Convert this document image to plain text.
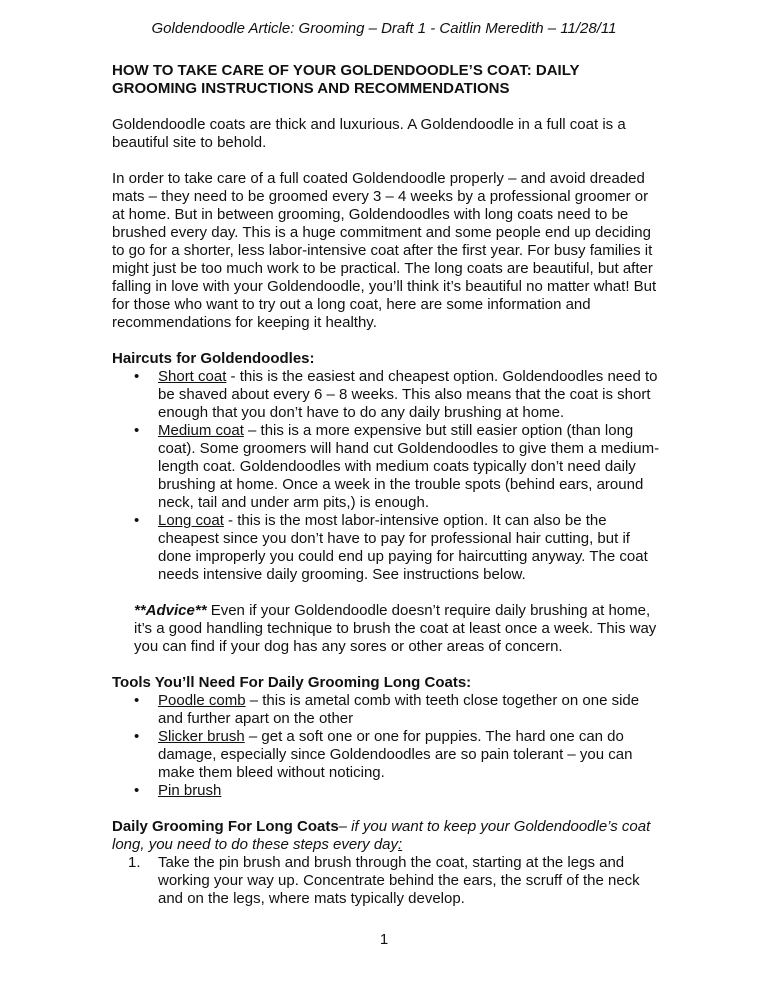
Goldendoodle Article: Grooming – Draft 1 - Caitlin Meredith – 11/28/11

HOW TO TAKE CARE OF YOUR GOLDENDOODLE’S COAT: DAILY GROOMING INSTRUCTIONS AND RECOMMENDATIONS

Goldendoodle coats are thick and luxurious. A Goldendoodle in a full coat is a beautiful site to behold.

In order to take care of a full coated Goldendoodle properly – and avoid dreaded mats – they need to be groomed every 3 – 4 weeks by a professional groomer or at home. But in between grooming, Goldendoodles with long coats need to be brushed every day. This is a huge commitment and some people end up deciding to go for a shorter, less labor-intensive coat after the first year. For busy families it might just be too much work to be practical. The long coats are beautiful, but after falling in love with your Goldendoodle, you’ll think it’s beautiful no matter what! But for those who want to try out a long coat, here are some information and recommendations for keeping it healthy.

Haircuts for Goldendoodles:
• Short coat - this is the easiest and cheapest option. Goldendoodles need to be shaved about every 6 – 8 weeks. This also means that the coat is short enough that you don’t have to do any daily brushing at home.
• Medium coat – this is a more expensive but still easier option (than long coat). Some groomers will hand cut Goldendoodles to give them a medium-length coat. Goldendoodles with medium coats typically don’t need daily brushing at home. Once a week in the trouble spots (behind ears, around neck, tail and under arm pits,) is enough.
• Long coat - this is the most labor-intensive option. It can also be the cheapest since you don’t have to pay for professional hair cutting, but if done improperly you could end up paying for haircutting anyway. The coat needs intensive daily grooming. See instructions below.
**Advice** Even if your Goldendoodle doesn’t require daily brushing at home, it’s a good handling technique to brush the coat at least once a week. This way you can find if your dog has any sores or other areas of concern.
Tools You’ll Need For Daily Grooming Long Coats:
• Poodle comb – this is ametal comb with teeth close together on one side and further apart on the other
• Slicker brush – get a soft one or one for puppies. The hard one can do damage, especially since Goldendoodles are so pain tolerant – you can make them bleed without noticing.
• Pin brush
Daily Grooming For Long Coats– if you want to keep your Goldendoodle’s coat long, you need to do these steps every day:
1. Take the pin brush and brush through the coat, starting at the legs and working your way up. Concentrate behind the ears, the scruff of the neck and on the legs, where mats typically develop.
1
